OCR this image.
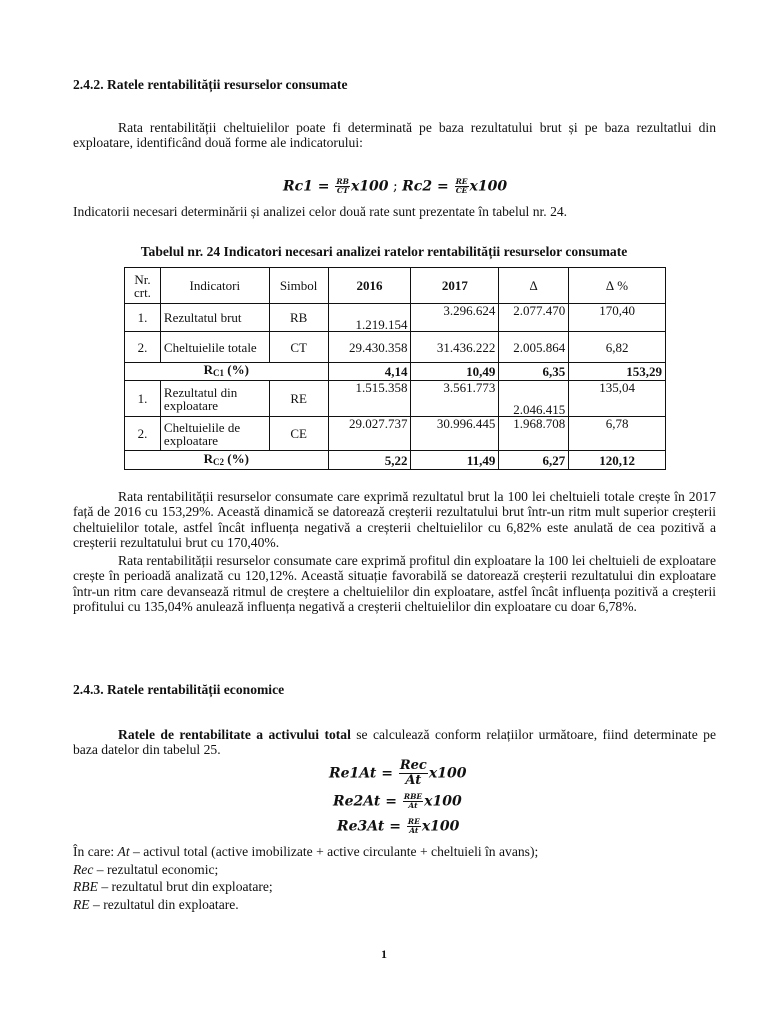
2.4.2. Ratele rentabilității resurselor consumate
Rata rentabilității cheltuielilor poate fi determinată pe baza rezultatului brut și pe baza rezultatlui din exploatare, identificând două forme ale indicatorului:
$Rc1 = \frac{RB}{CT} x100$ ; $Rc2 = \frac{RE}{CE} x100$
Indicatorii necesari determinării și analizei celor două rate sunt prezentate în tabelul nr. 24.
Tabelul nr. 24 Indicatori necesari analizei ratelor rentabilității resurselor consumate
Nr. crt.	Indicatori	Simbol	2016	2017	∆	∆ %
1.	Rezultatul brut	RB	1.219.154	3.296.624	2.077.470	170,40
2.	Cheltuielile totale	CT	29.430.358	31.436.222	2.005.864	6,82
$R_{C1}$ (%)			4,14	10,49	6,35	153,29
1.	Rezultatul din exploatare	RE	1.515.358	3.561.773	2.046.415	135,04
2.	Cheltuielile de exploatare	CE	29.027.737	30.996.445	1.968.708	6,78
$R_{C2}$ (%)			5,22	11,49	6,27	120,12
Rata rentabilității resurselor consumate care exprimă rezultatul brut la 100 lei cheltuieli totale crește în 2017 față de 2016 cu 153,29%. Această dinamică se datorează creșterii rezultatului brut într-un ritm mult superior creșterii cheltuielilor totale, astfel încât influența negativă a creșterii cheltuielilor cu 6,82% este anulată de cea pozitivă a creșterii rezultatului brut cu 170,40%.
Rata rentabilității resurselor consumate care exprimă profitul din exploatare la 100 lei cheltuieli de exploatare crește în perioadă analizată cu 120,12%. Această situație favorabilă se datorează creșterii rezultatului din exploatare într-un ritm care devansează ritmul de creștere a cheltuielilor din exploatare, astfel încât influența pozitivă a creșterii profitului cu 135,04% anulează influența negativă a creșterii cheltuielilor din exploatare cu doar 6,78%.
2.4.3. Ratele rentabilității economice
Ratele de rentabilitate a activului total se calculează conform relațiilor următoare, fiind determinate pe baza datelor din tabelul 25.
$Re1At = \frac{\text{Rec}}{At} x100$
$Re2At = \frac{\text{RBE}}{At} x100$
$Re3At = \frac{RE}{At} x100$
În care: At – activul total (active imobilizate + active circulante + cheltuieli în avans);
Rec – rezultatul economic;
RBE – rezultatul brut din exploatare;
RE – rezultatul din exploatare.
1
